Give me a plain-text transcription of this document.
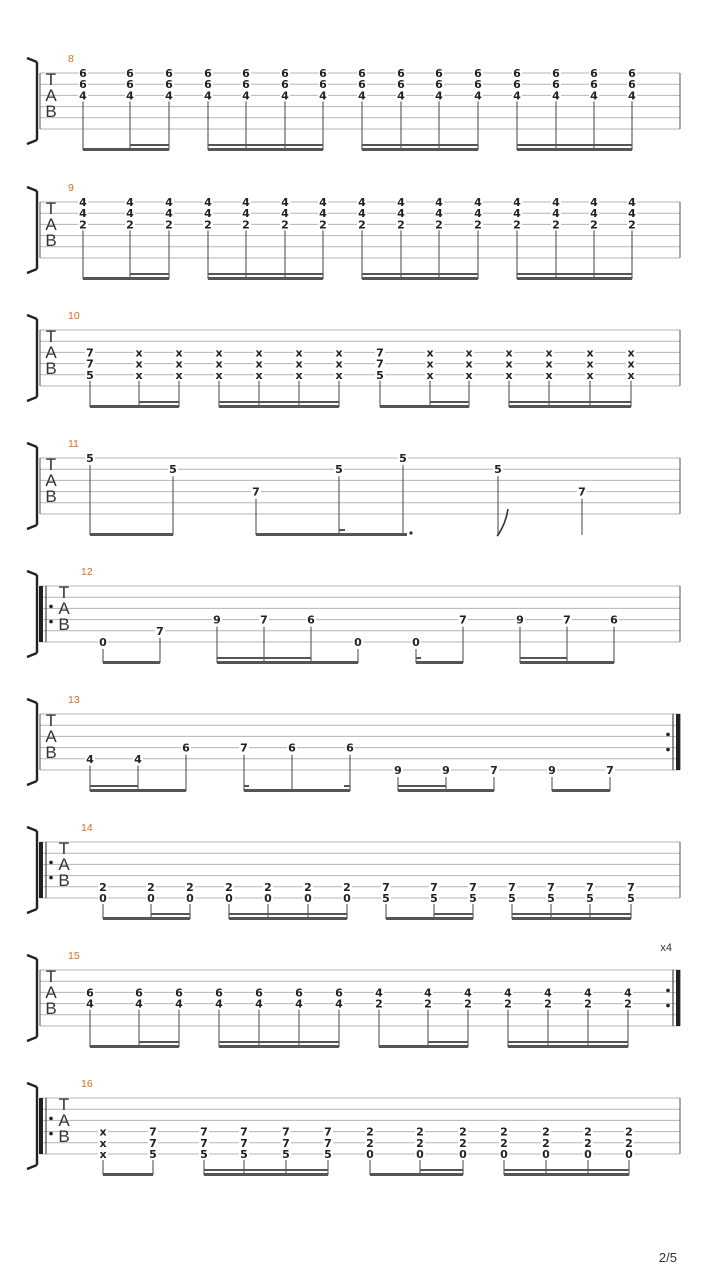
T
A
B
8
6
6
4
6
6
4
6
6
4
6
6
4
6
6
4
6
6
4
6
6
4
6
6
4
6
6
4
6
6
4
6
6
4
6
6
4
6
6
4
6
6
4
6
6
4
T
A
B
9
4
4
2
4
4
2
4
4
2
4
4
2
4
4
2
4
4
2
4
4
2
4
4
2
4
4
2
4
4
2
4
4
2
4
4
2
4
4
2
4
4
2
4
4
2
T
A
B
10
7
7
5
x
x
x
x
x
x
x
x
x
x
x
x
x
x
x
x
x
x
7
7
5
x
x
x
x
x
x
x
x
x
x
x
x
x
x
x
x
x
x
T
A
B
11
5
5
7
5
5
5
7
T
A
B
12
0
7
9	7	6
0	0
7	9	7	6
T
A
B
13
4	4
6	7	6	6
9	9	7	9	7
T
A
B
14
2
0
2
0
2
0
2
0
2
0
2
0
2
0
7
5
7
5
7
5
7
5
7
5
7
5
7
5
T
A
B
15
6
4
6
4
6
4
6
4
6
4
6
4
6
4
4
2
4
2
4
2
4
2
4
2
4
2
4
2
x4
T
A
B
16
x
x
x
7
7
5
7
7
5
7
7
5
7
7
5
7
7
5
2
2
0
2
2
0
2
2
0
2
2
0
2
2
0
2
2
0
2
2
0
2/5
